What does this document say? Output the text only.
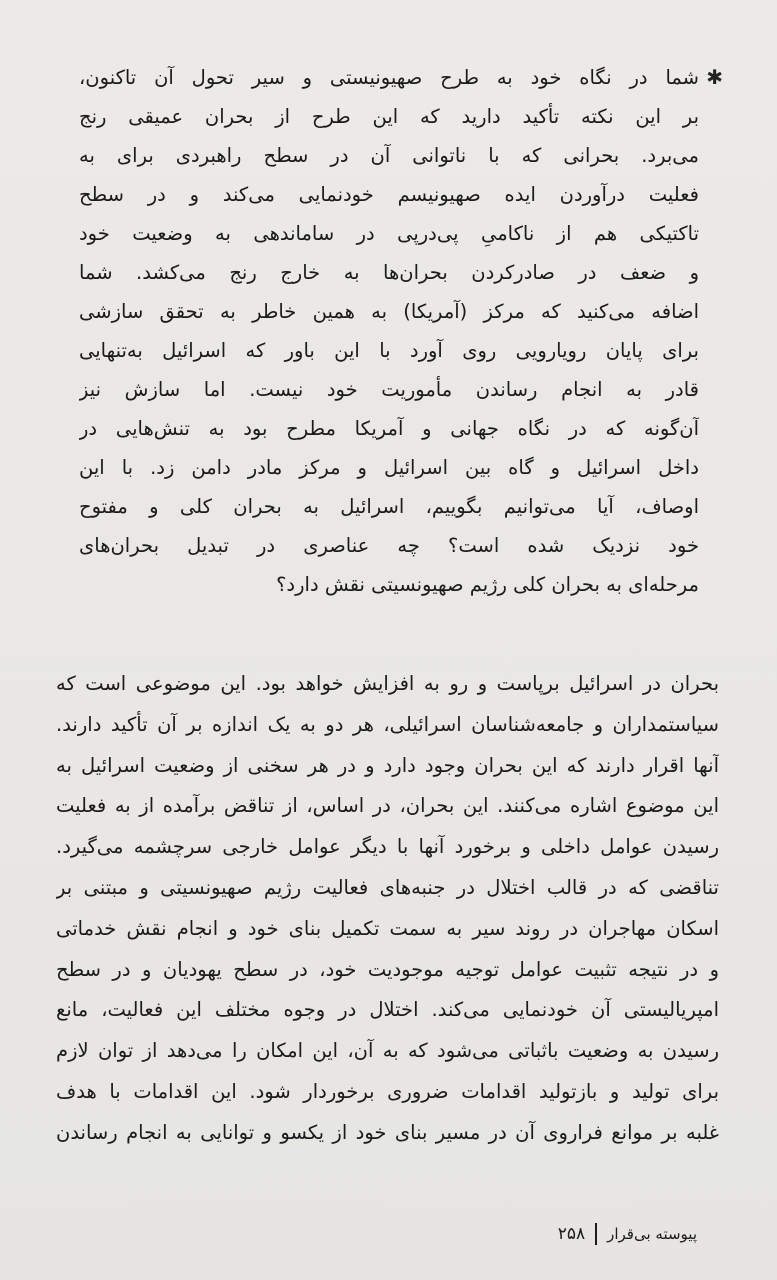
✱
شما در نگاه خود به طرح صهیونیستی و سیر تحول آن تاکنون،
بر این نکته تأکید دارید که این طرح از بحران عمیقی رنج
می‌برد. بحرانی که با ناتوانی آن در سطح راهبردی برای به
فعلیت درآوردن ایده صهیونیسم خودنمایی می‌کند و در سطح
تاکتیکی هم از ناکامیِ پی‌درپی در ساماندهی به وضعیت خود
و ضعف در صادرکردن بحران‌ها به خارج رنج می‌کشد. شما
اضافه می‌کنید که مرکز (آمریکا) به همین خاطر به تحقق سازشی
برای پایان رویارویی روی آورد با این باور که اسرائیل به‌تنهایی
قادر به انجام رساندن مأموریت خود نیست. اما سازش نیز
آن‌گونه که در نگاه جهانی و آمریکا مطرح بود به تنش‌هایی در
داخل اسرائیل و گاه بین اسرائیل و مرکز مادر دامن زد. با این
اوصاف، آیا می‌توانیم بگوییم، اسرائیل به بحران کلی و مفتوح
خود نزدیک شده است؟ چه عناصری در تبدیل بحران‌های
مرحله‌ای به بحران کلی رژیم صهیونسیتی نقش دارد؟
بحران در اسرائیل برپاست و رو به افزایش خواهد بود. این موضوعی است که
سیاستمداران و جامعه‌شناسان اسرائیلی، هر دو به یک اندازه بر آن تأکید دارند.
آنها اقرار دارند که این بحران وجود دارد و در هر سخنی از وضعیت اسرائیل به
این موضوع اشاره می‌کنند. این بحران، در اساس، از تناقض برآمده از به فعلیت
رسیدن عوامل داخلی و برخورد آنها با دیگر عوامل خارجی سرچشمه می‌گیرد.
تناقضی که در قالب اختلال در جنبه‌های فعالیت رژیم صهیونسیتی و مبتنی بر
اسکان مهاجران در روند سیر به سمت تکمیل بنای خود و انجام نقش خدماتی
و در نتیجه تثبیت عوامل توجیه موجودیت خود، در سطح یهودیان و در سطح
امپریالیستی آن خودنمایی می‌کند. اختلال در وجوه مختلف این فعالیت، مانع
رسیدن به وضعیت باثباتی می‌شود که به آن، این امکان را می‌دهد از توان لازم
برای تولید و بازتولید اقدامات ضروری برخوردار شود. این اقدامات با هدف
غلبه بر موانع فراروی آن در مسیر بنای خود از یکسو و توانایی به انجام رساندن
پیوسته بی‌قرار
۲۵۸
